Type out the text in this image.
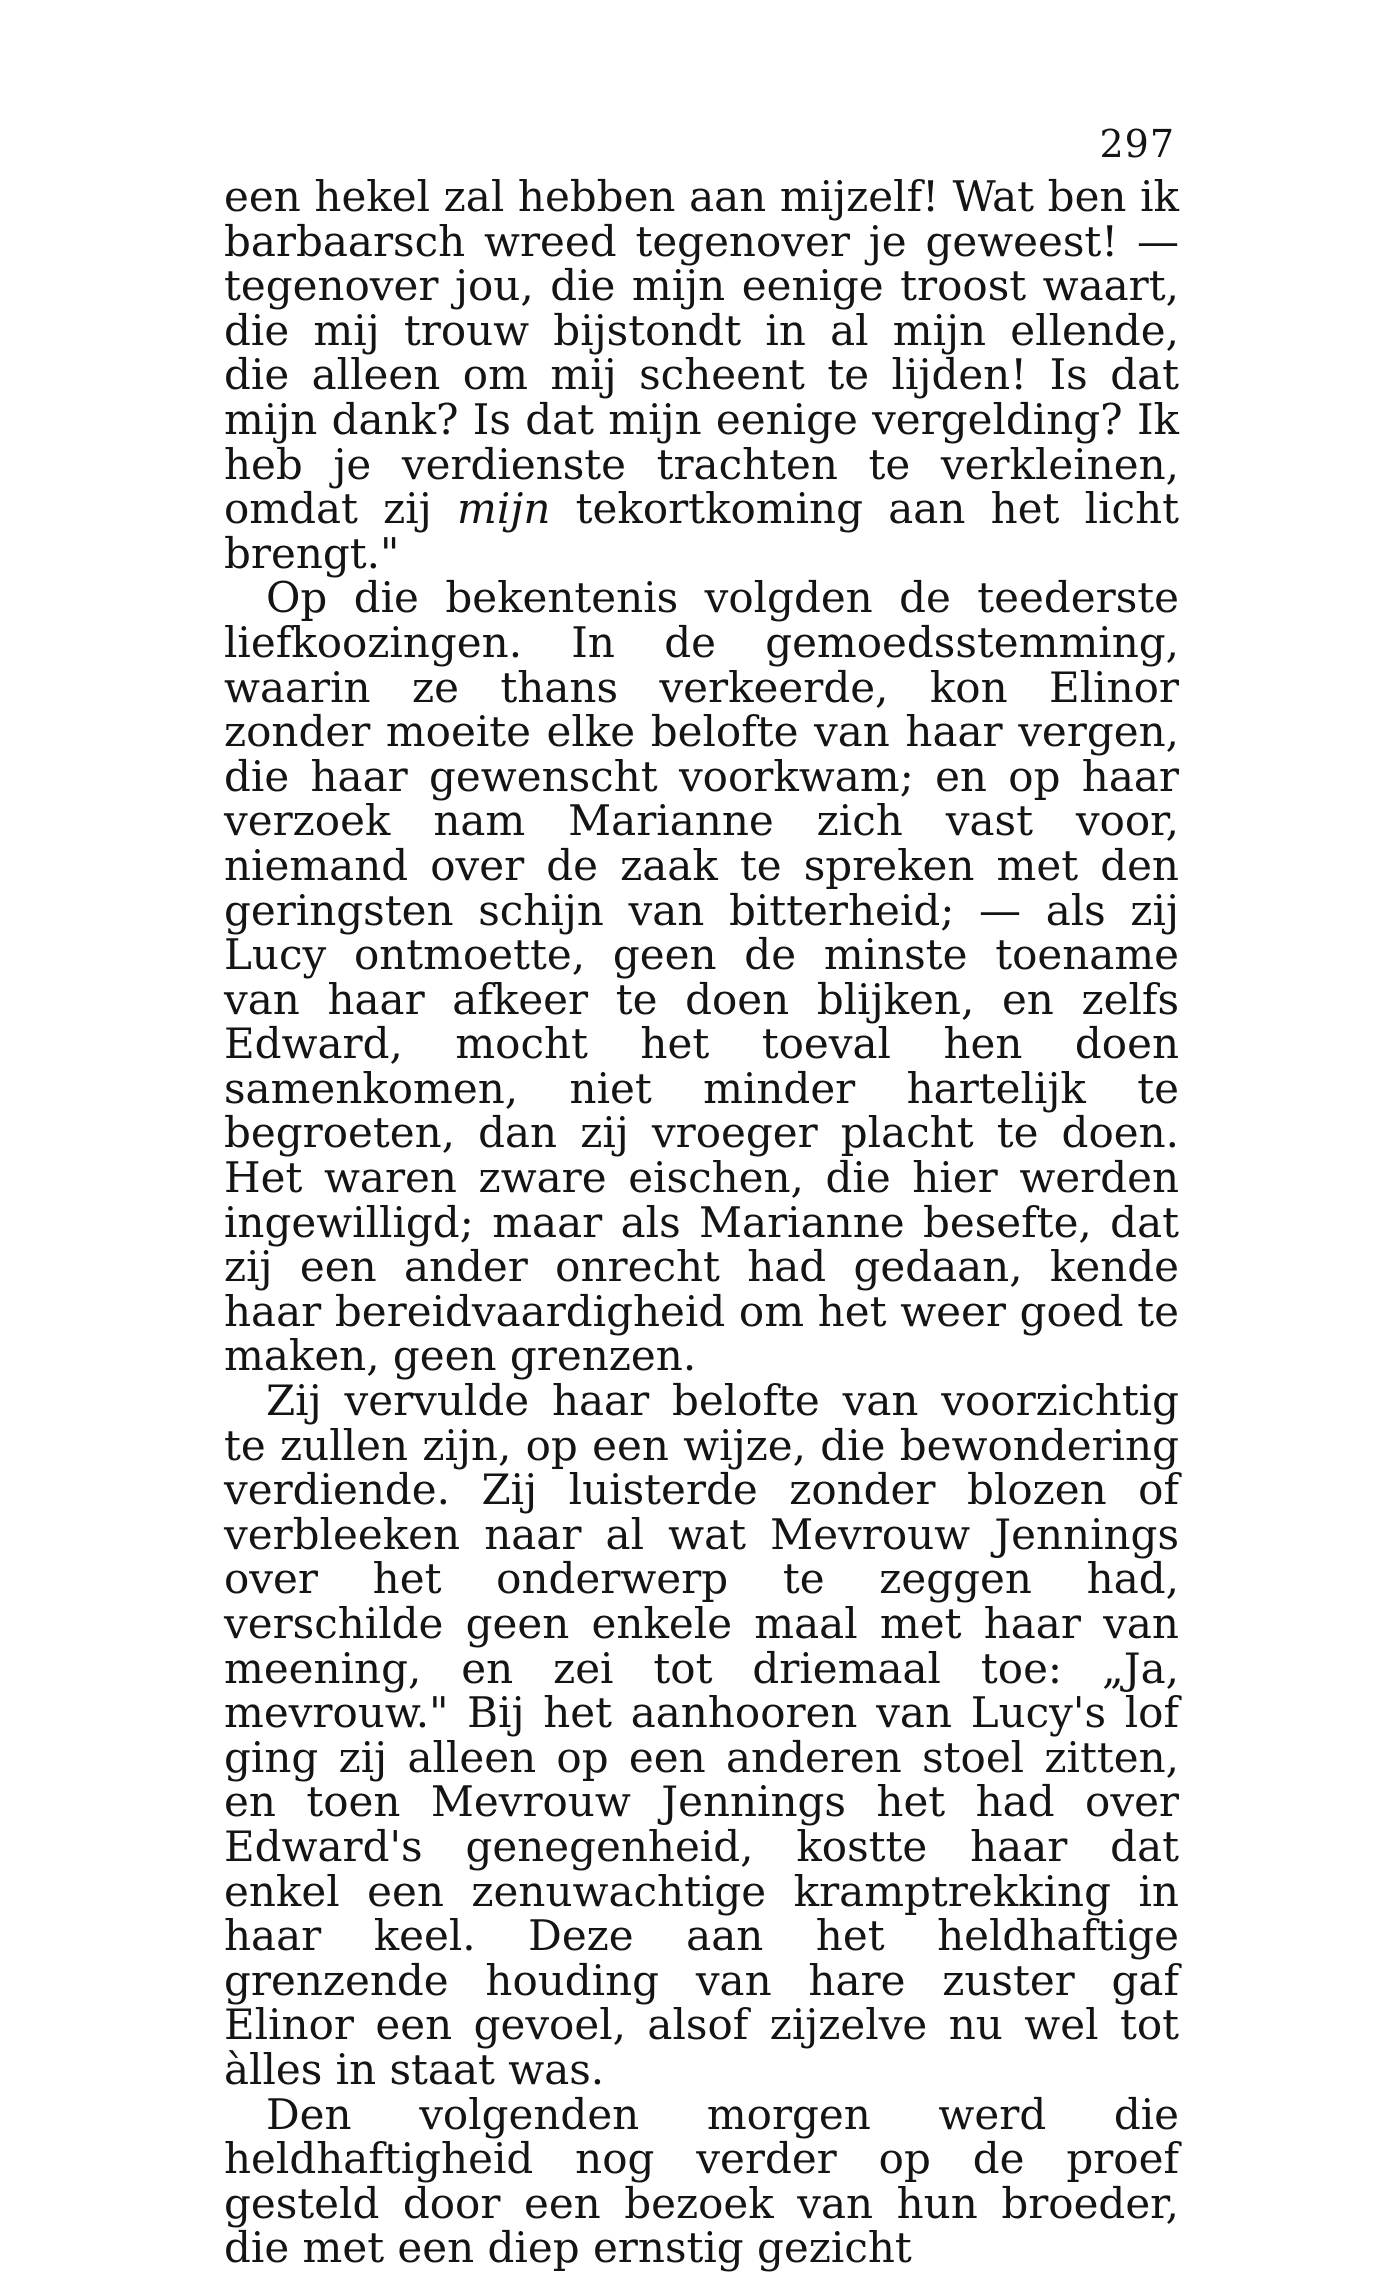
297

een hekel zal hebben aan mijzelf! Wat ben ik barbaarsch wreed tegenover je geweest! — tegenover jou, die mijn eenige troost waart, die mij trouw bijstondt in al mijn ellende, die alleen om mij scheent te lijden! Is dat mijn dank? Is dat mijn eenige vergelding? Ik heb je verdienste trachten te verkleinen, omdat zij mijn tekortkoming aan het licht brengt."

Op die bekentenis volgden de teederste liefkoozingen. In de gemoedsstemming, waarin ze thans verkeerde, kon Elinor zonder moeite elke belofte van haar vergen, die haar gewenscht voorkwam; en op haar verzoek nam Marianne zich vast voor, niemand over de zaak te spreken met den geringsten schijn van bitterheid; — als zij Lucy ontmoette, geen de minste toename van haar afkeer te doen blijken, en zelfs Edward, mocht het toeval hen doen samenkomen, niet minder hartelijk te begroeten, dan zij vroeger placht te doen. Het waren zware eischen, die hier werden ingewilligd; maar als Marianne besefte, dat zij een ander onrecht had gedaan, kende haar bereidvaardigheid om het weer goed te maken, geen grenzen.

Zij vervulde haar belofte van voorzichtig te zullen zijn, op een wijze, die bewondering verdiende. Zij luisterde zonder blozen of verbleeken naar al wat Mevrouw Jennings over het onderwerp te zeggen had, verschilde geen enkele maal met haar van meening, en zei tot driemaal toe: „Ja, mevrouw." Bij het aanhooren van Lucy's lof ging zij alleen op een anderen stoel zitten, en toen Mevrouw Jennings het had over Edward's genegenheid, kostte haar dat enkel een zenuwachtige kramptrekking in haar keel. Deze aan het heldhaftige grenzende houding van hare zuster gaf Elinor een gevoel, alsof zijzelve nu wel tot àlles in staat was.

Den volgenden morgen werd die heldhaftigheid nog verder op de proef gesteld door een bezoek van hun broeder, die met een diep ernstig gezicht
